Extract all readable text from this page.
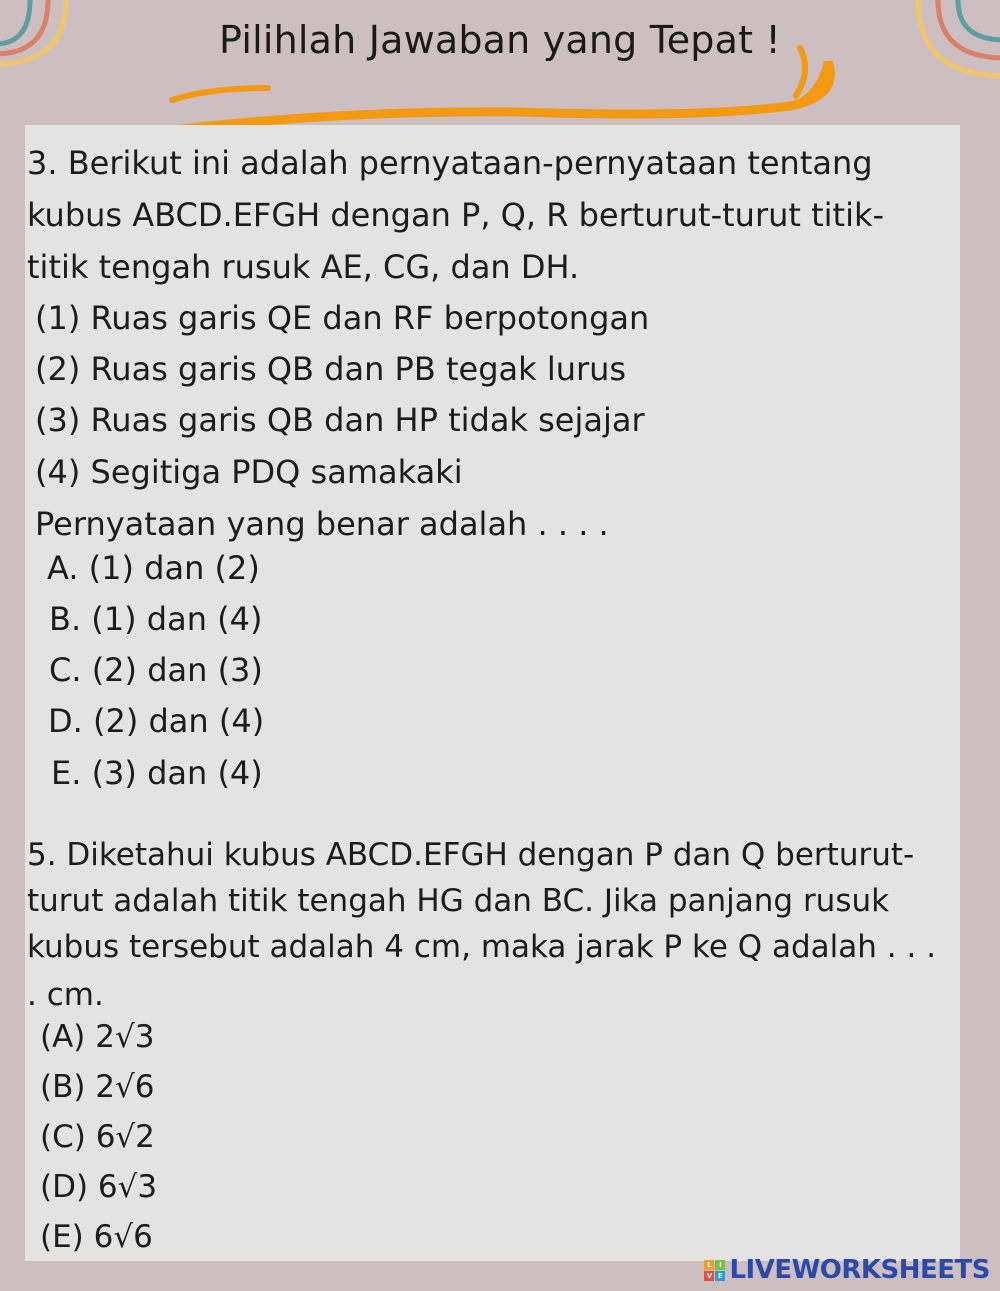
Pilihlah Jawaban yang Tepat !
3. Berikut ini adalah pernyataan-pernyataan tentang
kubus ABCD.EFGH dengan P, Q, R berturut-turut titik-
titik tengah rusuk AE, CG, dan DH.
(1) Ruas garis QE dan RF berpotongan
(2) Ruas garis QB dan PB tegak lurus
(3) Ruas garis QB dan HP tidak sejajar
(4) Segitiga PDQ samakaki
Pernyataan yang benar adalah . . . .
A. (1) dan (2)
B. (1) dan (4)
C. (2) dan (3)
D. (2) dan (4)
E. (3) dan (4)
5. Diketahui kubus ABCD.EFGH dengan P dan Q berturut-
turut adalah titik tengah HG dan BC. Jika panjang rusuk
kubus tersebut adalah 4 cm, maka jarak P ke Q adalah . . .
. cm.
(A) 2√3
(B) 2√6
(C) 6√2
(D) 6√3
(E) 6√6
L	I
V E LIVEWORKSHEETS
